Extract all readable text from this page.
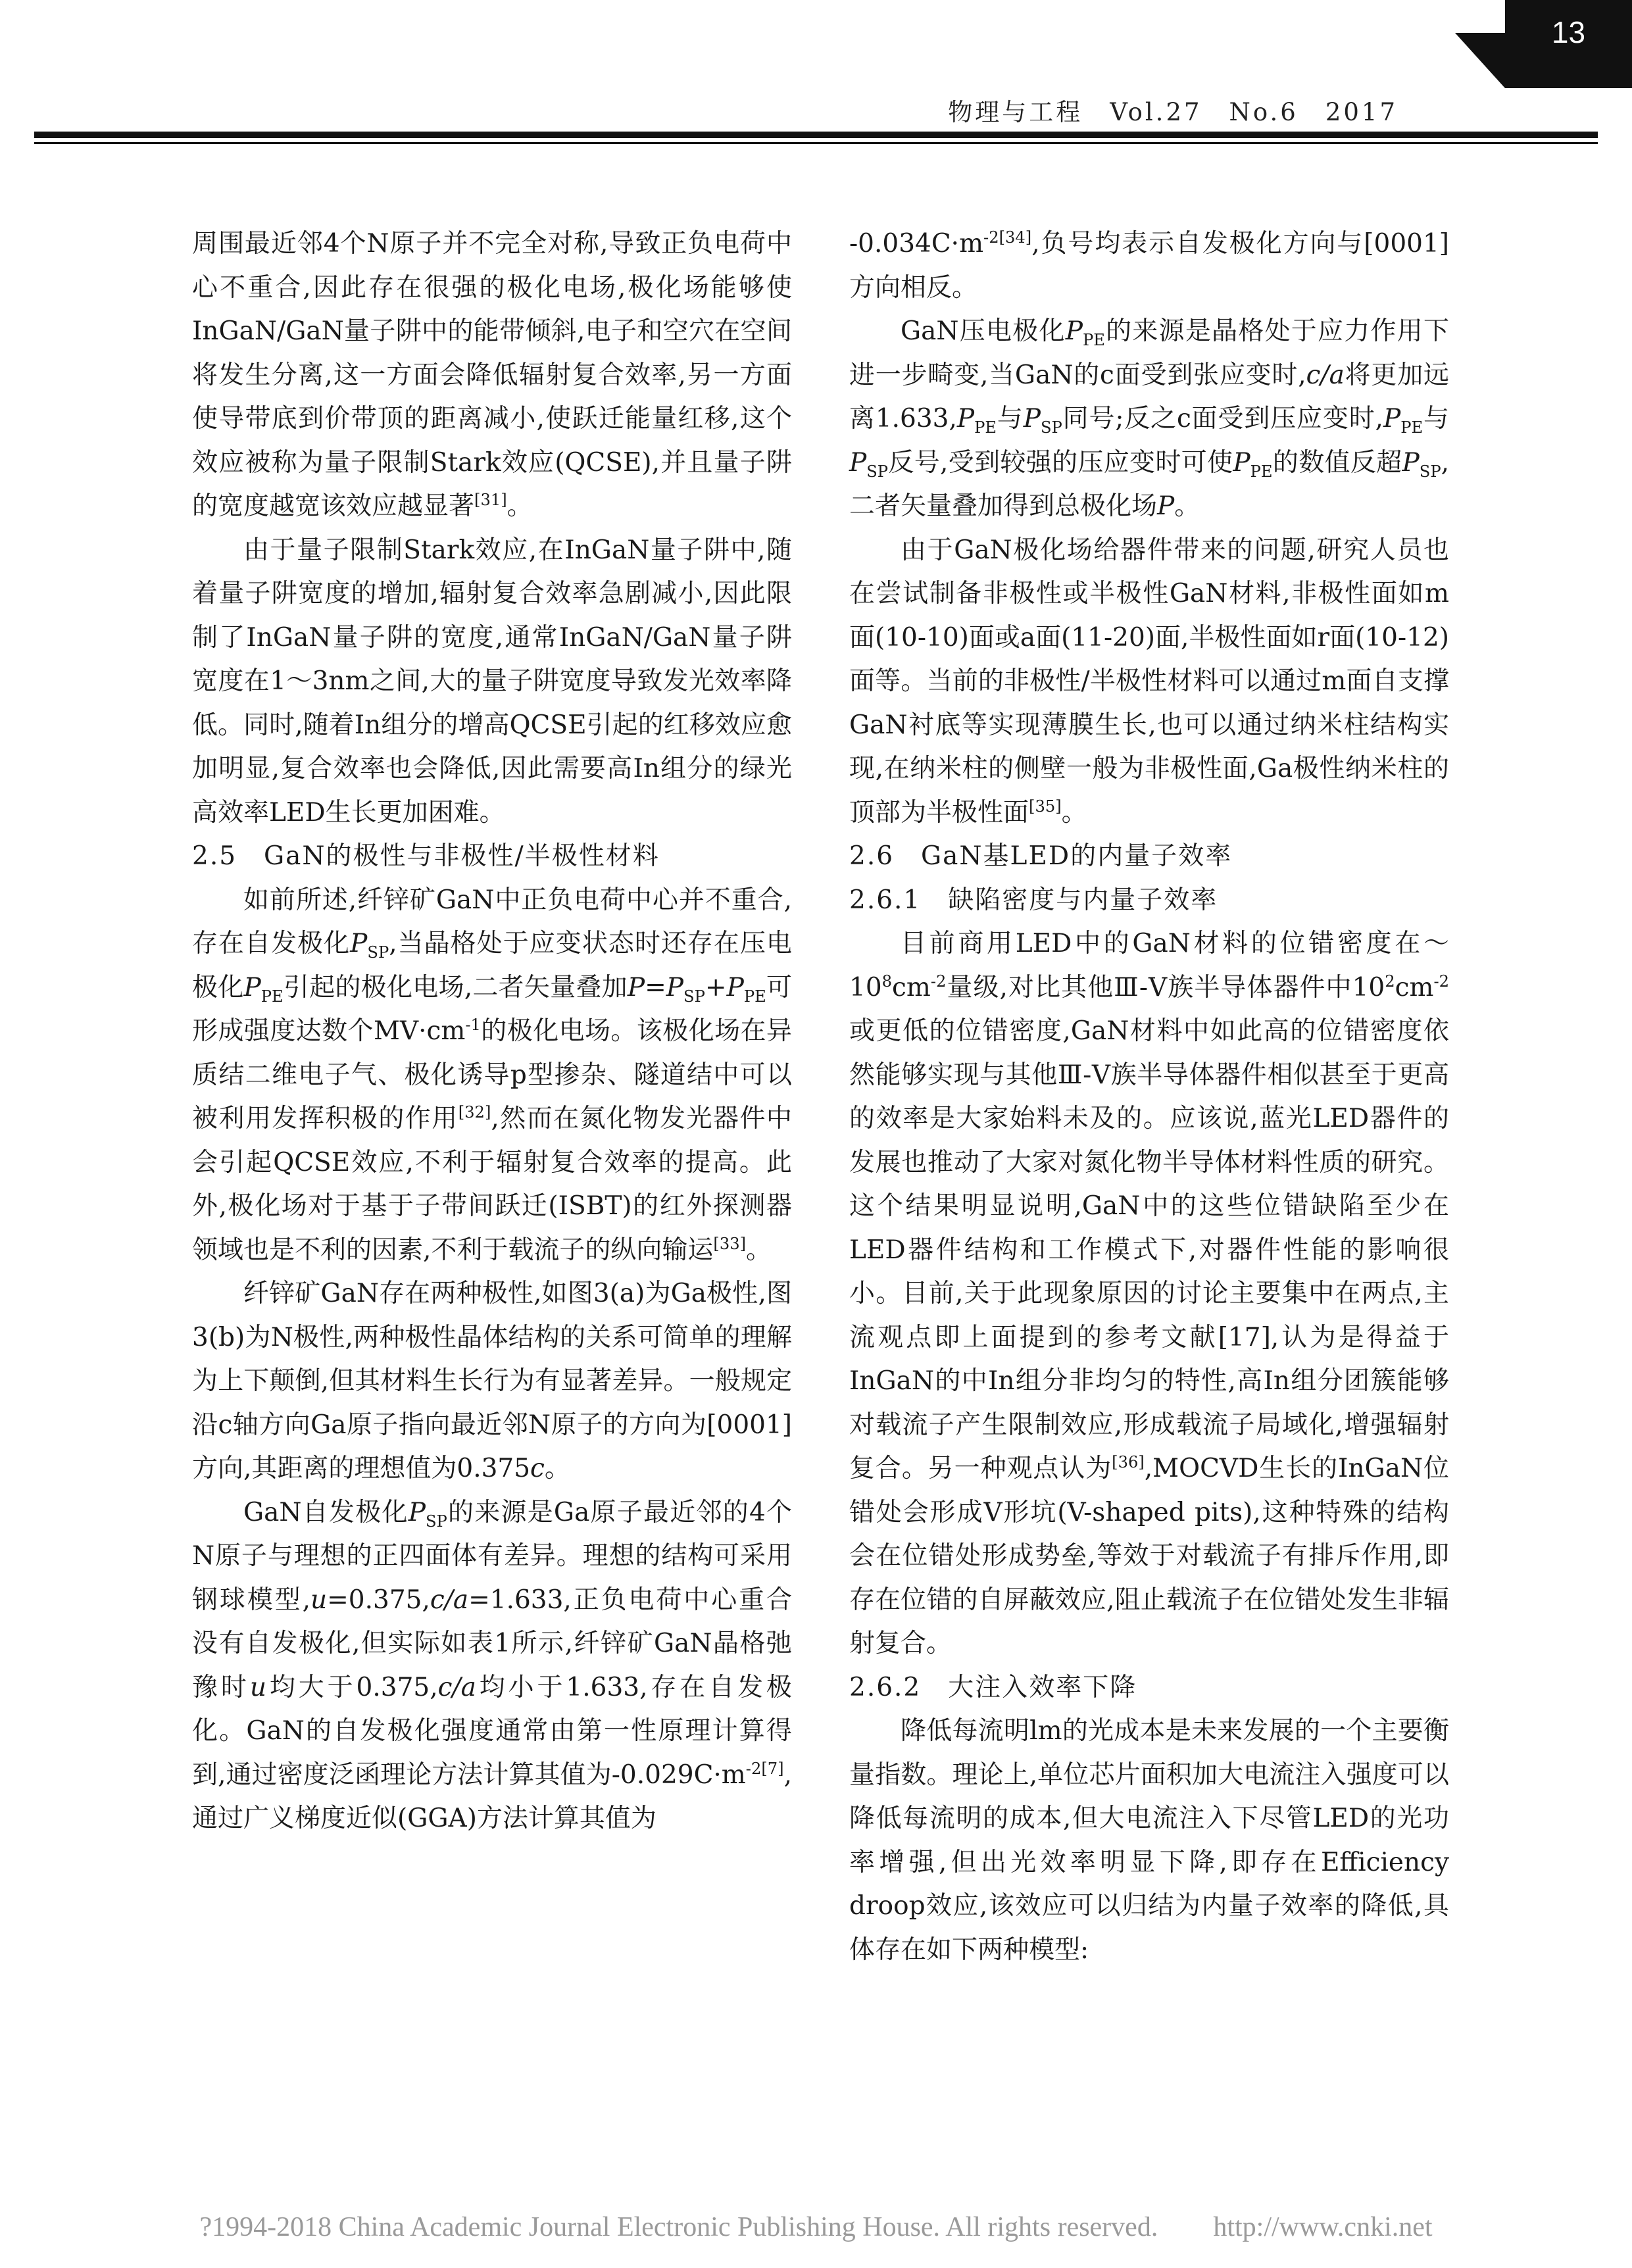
13
物理与工程　Vol.27　No.6　2017

周围最近邻4个N原子并不完全对称,导致正负电荷中心不重合,因此存在很强的极化电场,极化场能够使InGaN/GaN量子阱中的能带倾斜,电子和空穴在空间将发生分离,这一方面会降低辐射复合效率,另一方面使导带底到价带顶的距离减小,使跃迁能量红移,这个效应被称为量子限制Stark效应(QCSE),并且量子阱的宽度越宽该效应越显著[31]。

由于量子限制Stark效应,在InGaN量子阱中,随着量子阱宽度的增加,辐射复合效率急剧减小,因此限制了InGaN量子阱的宽度,通常InGaN/GaN量子阱宽度在1～3nm之间,大的量子阱宽度导致发光效率降低。同时,随着In组分的增高QCSE引起的红移效应愈加明显,复合效率也会降低,因此需要高In组分的绿光高效率LED生长更加困难。

2.5　GaN的极性与非极性/半极性材料

如前所述,纤锌矿GaN中正负电荷中心并不重合,存在自发极化$P_{SP}$,当晶格处于应变状态时还存在压电极化$P_{PE}$引起的极化电场,二者矢量叠加$P=P_{SP}+P_{PE}$可形成强度达数个$MV\cdot cm^{-1}$的极化电场。该极化场在异质结二维电子气、极化诱导p型掺杂、隧道结中可以被利用发挥积极的作用[32],然而在氮化物发光器件中会引起QCSE效应,不利于辐射复合效率的提高。此外,极化场对于基于子带间跃迁(ISBT)的红外探测器领域也是不利的因素,不利于载流子的纵向输运[33]。

纤锌矿GaN存在两种极性,如图3(a)为Ga极性,图3(b)为N极性,两种极性晶体结构的关系可简单的理解为上下颠倒,但其材料生长行为有显著差异。一般规定沿c轴方向Ga原子指向最近邻N原子的方向为[0001]方向,其距离的理想值为0.375c。

GaN自发极化$P_{SP}$的来源是Ga原子最近邻的4个N原子与理想的正四面体有差异。理想的结构可采用钢球模型,u=0.375,c/a=1.633,正负电荷中心重合没有自发极化,但实际如表1所示,纤锌矿GaN晶格弛豫时u均大于0.375,c/a均小于1.633,存在自发极化。GaN的自发极化强度通常由第一性原理计算得到,通过密度泛函理论方法计算其值为$-0.029C\cdot m^{-2[7]}$,通过广义梯度近似(GGA)方法计算其值为

$-0.034C\cdot m^{-2[34]}$,负号均表示自发极化方向与[0001]方向相反。

GaN压电极化$P_{PE}$的来源是晶格处于应力作用下进一步畸变,当GaN的c面受到张应变时,c/a将更加远离$1.633,P_{PE}$与$P_{SP}$同号;反之c面受到压应变时$,P_{PE}$与$P_{SP}$反号,受到较强的压应变时可使$P_{PE}$的数值反超$P_{SP}$,二者矢量叠加得到总极化场P。

由于GaN极化场给器件带来的问题,研究人员也在尝试制备非极性或半极性GaN材料,非极性面如m面(10-10)面或a面(11-20)面,半极性面如r面(10-12)面等。当前的非极性/半极性材料可以通过m面自支撑GaN衬底等实现薄膜生长,也可以通过纳米柱结构实现,在纳米柱的侧壁一般为非极性面,Ga极性纳米柱的顶部为半极性面[35]。

2.6　GaN基LED的内量子效率
2.6.1　缺陷密度与内量子效率

目前商用LED中的GaN材料的位错密度在$\sim 10^8cm^{-2}$量级,对比其他Ⅲ-Ⅴ族半导体器件中$10^2cm^{-2}$或更低的位错密度,GaN材料中如此高的位错密度依然能够实现与其他Ⅲ-Ⅴ族半导体器件相似甚至于更高的效率是大家始料未及的。应该说,蓝光LED器件的发展也推动了大家对氮化物半导体材料性质的研究。这个结果明显说明,GaN中的这些位错缺陷至少在LED器件结构和工作模式下,对器件性能的影响很小。目前,关于此现象原因的讨论主要集中在两点,主流观点即上面提到的参考文献[17],认为是得益于InGaN的中In组分非均匀的特性,高In组分团簇能够对载流子产生限制效应,形成载流子局域化,增强辐射复合。另一种观点认为[36],MOCVD生长的InGaN位错处会形成V形坑(V-shaped pits),这种特殊的结构会在位错处形成势垒,等效于对载流子有排斥作用,即存在位错的自屏蔽效应,阻止载流子在位错处发生非辐射复合。

2.6.2　大注入效率下降

降低每流明lm的光成本是未来发展的一个主要衡量指数。理论上,单位芯片面积加大电流注入强度可以降低每流明的成本,但大电流注入下尽管LED的光功率增强,但出光效率明显下降,即存在Efficiency droop效应,该效应可以归结为内量子效率的降低,具体存在如下两种模型:

?1994-2018 China Academic Journal Electronic Publishing House. All rights reserved.　　http://www.cnki.net
